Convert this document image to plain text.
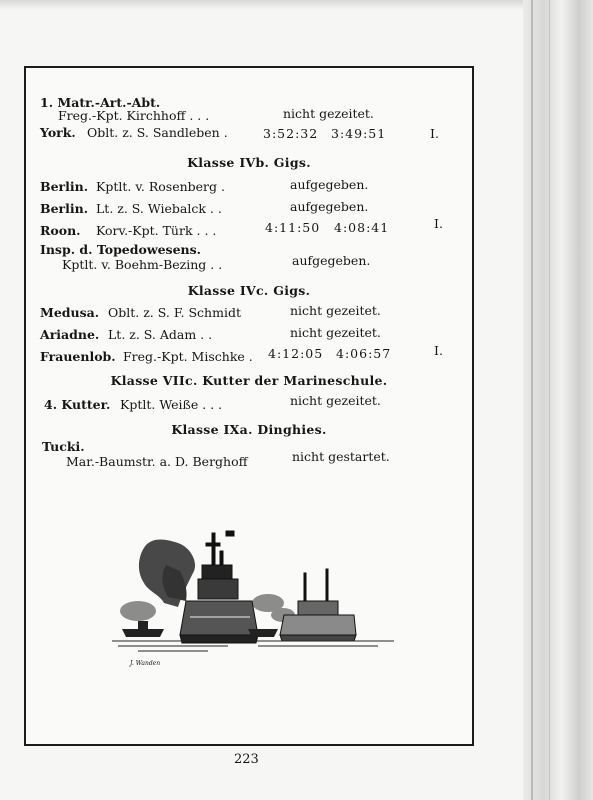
1. Matr.-Art.-Abt.
Freg.-Kpt. Kirchhoff . . .	nicht gezeitet.
York. Oblt. z. S. Sandleben .	3:52:32 3:49:51	I.
Klasse IVb. Gigs.
Berlin. Kptlt. v. Rosenberg .	aufgegeben.
Berlin. Lt. z. S. Wiebalck . .	aufgegeben.
Roon. Korv.-Kpt. Türk . . .	4:11:50 4:08:41	I.
Insp. d. Topedowesens.
Kptlt. v. Boehm-Bezing . .	aufgegeben.
Klasse IVc. Gigs.
Medusa. Oblt. z. S. F. Schmidt	nicht gezeitet.
Ariadne. Lt. z. S. Adam . .	nicht gezeitet.
Frauenlob. Freg.-Kpt. Mischke . 4:12:05 4:06:57	I.
Klasse VIIc. Kutter der Marineschule.
4. Kutter. Kptlt. Weiße . . .	nicht gezeitet.
Klasse IXa. Dinghies.
Tucki.
Mar.-Baumstr. a. D. Berghoff	nicht gestartet.
J. Wanden
223
